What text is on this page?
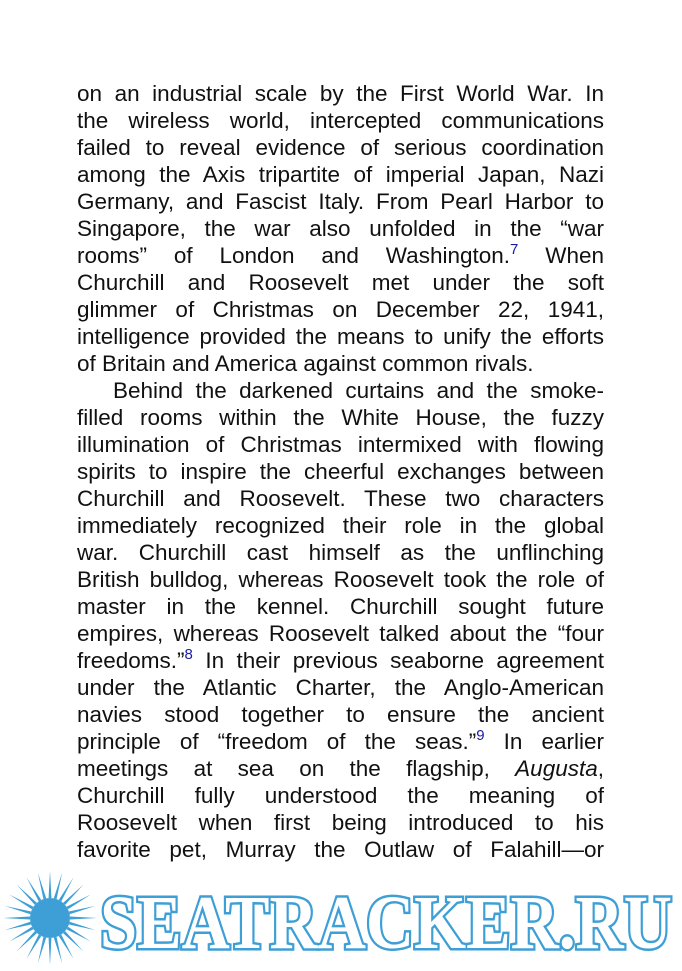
on an industrial scale by the First World War. In
the wireless world, intercepted communications
failed to reveal evidence of serious coordination
among the Axis tripartite of imperial Japan, Nazi
Germany, and Fascist Italy. From Pearl Harbor to
Singapore, the war also unfolded in the “war
rooms” of London and Washington.$^7$ When
Churchill and Roosevelt met under the soft
glimmer of Christmas on December 22, 1941,
intelligence provided the means to unify the efforts
of Britain and America against common rivals.
Behind the darkened curtains and the smoke-
filled rooms within the White House, the fuzzy
illumination of Christmas intermixed with flowing
spirits to inspire the cheerful exchanges between
Churchill and Roosevelt. These two characters
immediately recognized their role in the global
war. Churchill cast himself as the unflinching
British bulldog, whereas Roosevelt took the role of
master in the kennel. Churchill sought future
empires, whereas Roosevelt talked about the “four
freedoms.”$^8$ In their previous seaborne agreement
under the Atlantic Charter, the Anglo-American
navies stood together to ensure the ancient
principle of “freedom of the seas.”$^9$ In earlier
meetings at sea on the flagship, Augusta,
Churchill fully understood the meaning of
Roosevelt when first being introduced to his
favorite pet, Murray the Outlaw of Falahill—or
SEATRACKER.RU
